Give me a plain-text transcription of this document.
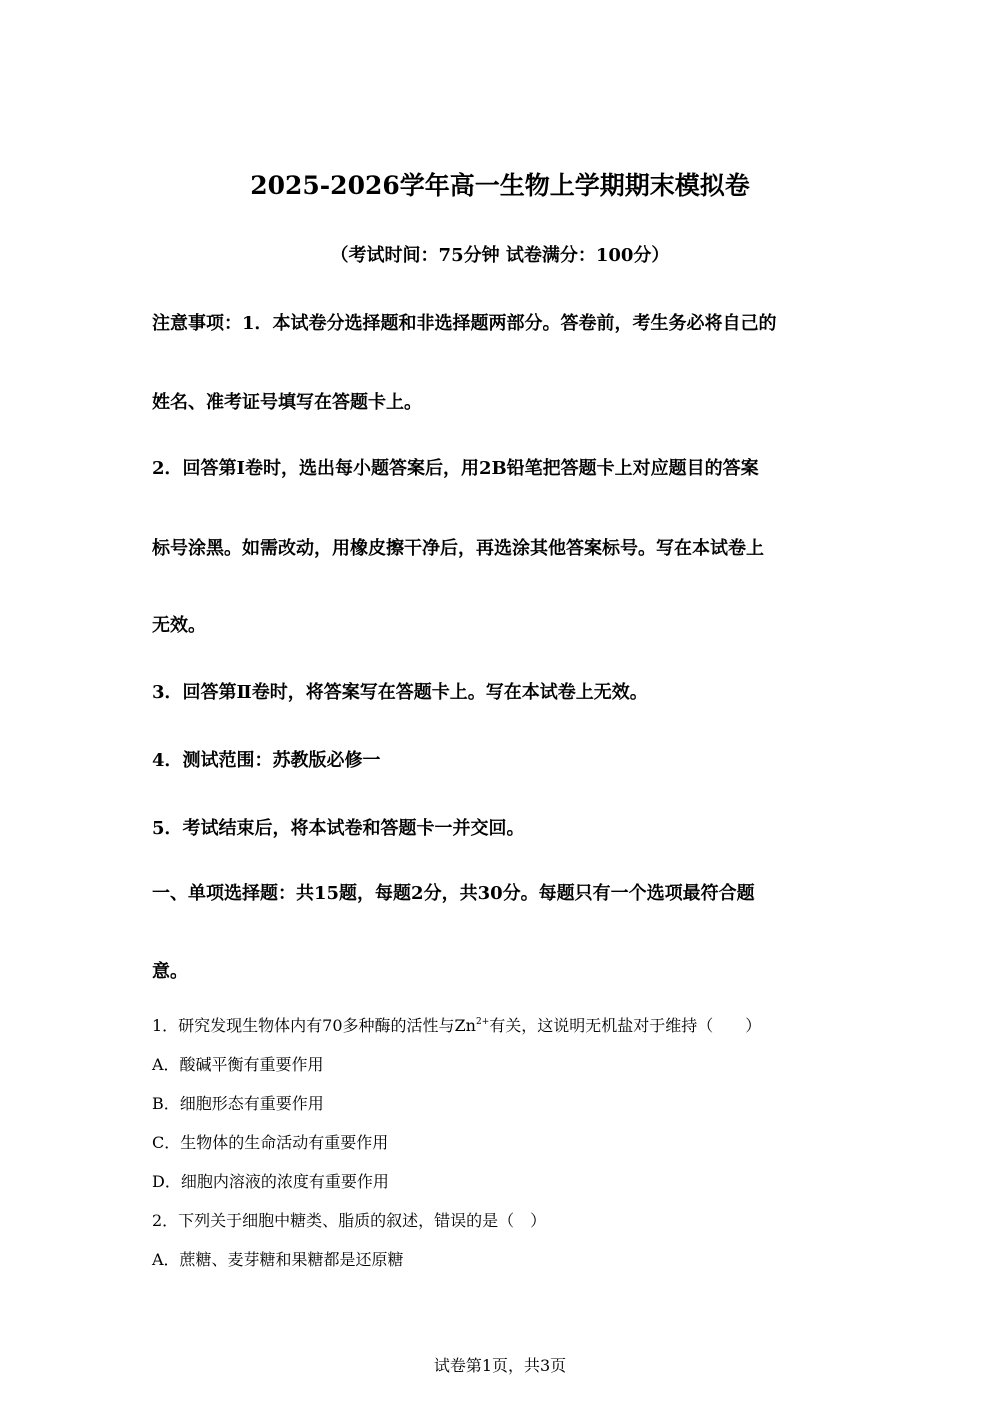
2025-2026学年高一生物上学期期末模拟卷
（考试时间：75分钟 试卷满分：100分）
注意事项：1．本试卷分选择题和非选择题两部分。答卷前，考生务必将自己的
姓名、准考证号填写在答题卡上。
2．回答第Ⅰ卷时，选出每小题答案后，用2B铅笔把答题卡上对应题目的答案
标号涂黑。如需改动，用橡皮擦干净后，再选涂其他答案标号。写在本试卷上
无效。
3．回答第Ⅱ卷时，将答案写在答题卡上。写在本试卷上无效。
4．测试范围：苏教版必修一
5．考试结束后，将本试卷和答题卡一并交回。
一、单项选择题：共15题，每题2分，共30分。每题只有一个选项最符合题
意。
1．研究发现生物体内有70多种酶的活性与$Zn^{2+}$有关，这说明无机盐对于维持（　　）
A．酸碱平衡有重要作用
B．细胞形态有重要作用
C．生物体的生命活动有重要作用
D．细胞内溶液的浓度有重要作用
2．下列关于细胞中糖类、脂质的叙述，错误的是（　）
A．蔗糖、麦芽糖和果糖都是还原糖
试卷第1页，共3页
